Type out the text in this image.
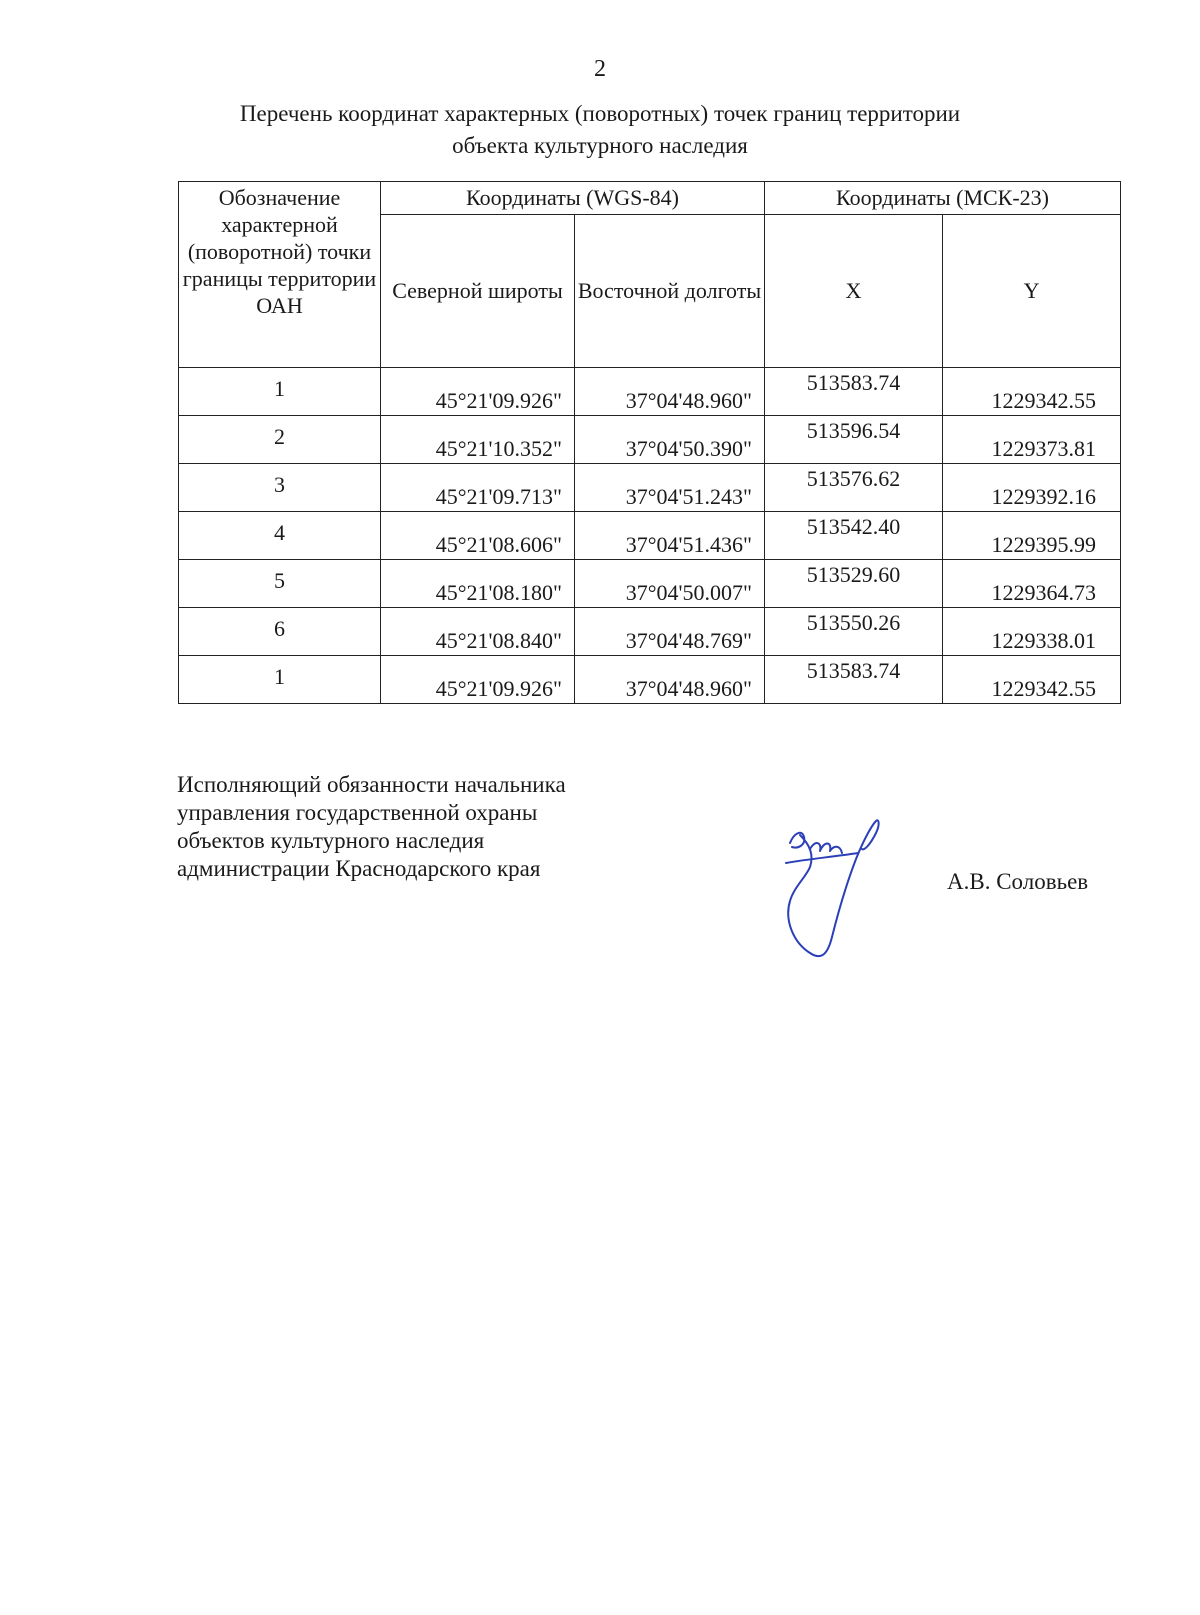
2
Перечень координат характерных (поворотных) точек границ территории
объекта культурного наследия
Обозначение характерной (поворотной) точки границы территории ОАН	Координаты (WGS-84)		Координаты (МСК-23)	
	Северной широты	Восточной долготы	X	Y
1	45°21'09.926"	37°04'48.960"	513583.74	1229342.55
2	45°21'10.352"	37°04'50.390"	513596.54	1229373.81
3	45°21'09.713"	37°04'51.243"	513576.62	1229392.16
4	45°21'08.606"	37°04'51.436"	513542.40	1229395.99
5	45°21'08.180"	37°04'50.007"	513529.60	1229364.73
6	45°21'08.840"	37°04'48.769"	513550.26	1229338.01
1	45°21'09.926"	37°04'48.960"	513583.74	1229342.55
Исполняющий обязанности начальника
управления государственной охраны
объектов культурного наследия
администрации Краснодарского края
А.В. Соловьев
